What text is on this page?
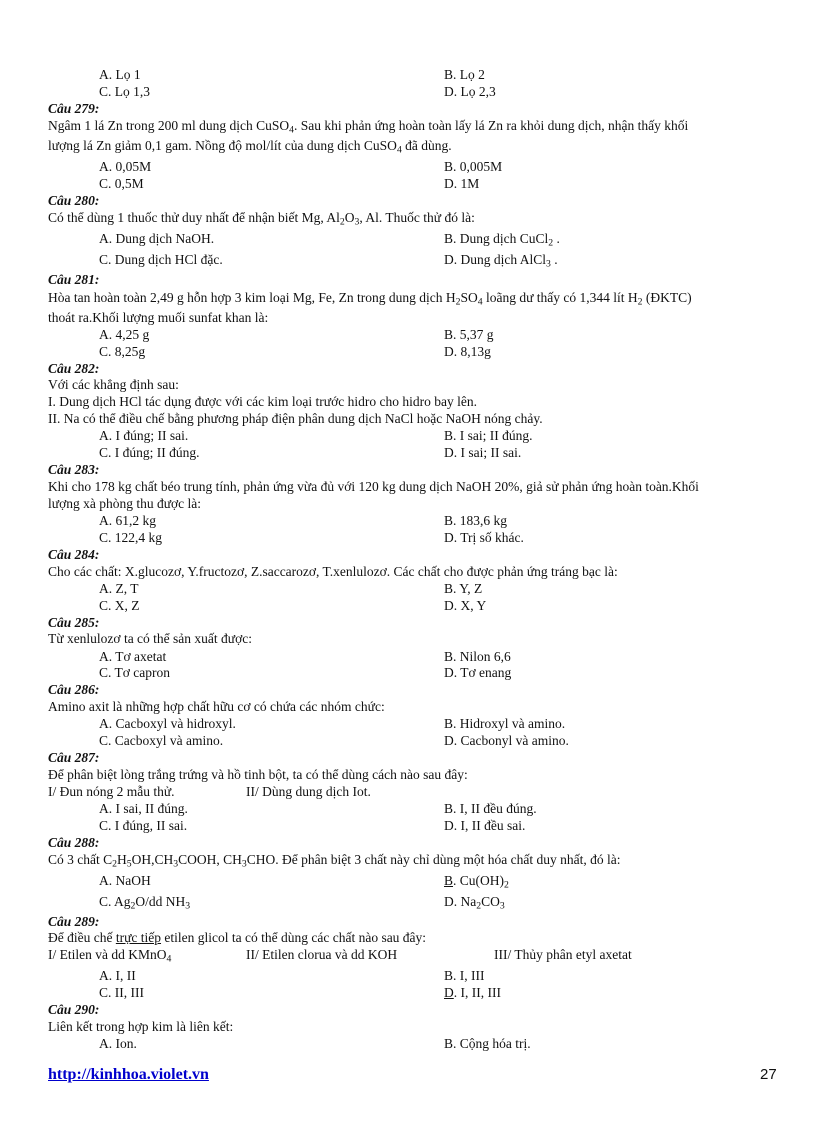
A. Lọ 1	B. Lọ 2
C. Lọ 1,3	D. Lọ 2,3
Câu 279:
Ngâm 1 lá Zn trong 200 ml dung dịch CuSO$_4$. Sau khi phản ứng hoàn toàn lấy lá Zn ra khỏi dung dịch, nhận thấy khối
lượng lá Zn giảm 0,1 gam. Nồng độ mol/lít của dung dịch CuSO$_4$ đã dùng.
A. 0,05M	B. 0,005M
C. 0,5M	D. 1M
Câu 280:
Có thể dùng 1 thuốc thử duy nhất để nhận biết Mg, $Al_2O_3$, Al. Thuốc thử đó là:
A. Dung dịch NaOH.	B. Dung dịch CuCl$_2$ .
C. Dung dịch HCl đặc.	D. Dung dịch AlCl$_3$ .
Câu 281:
Hòa tan hoàn toàn 2,49 g hỗn hợp 3 kim loại Mg, Fe, Zn trong dung dịch $H_2SO_4$ loãng dư thấy có 1,344 lít $H_2$ (ĐKTC)
thoát ra.Khối lượng muối sunfat khan là:
A. 4,25 g	B. 5,37 g
C. 8,25g	D. 8,13g
Câu 282:
Với các khẳng định sau:
I. Dung dịch HCl tác dụng được với các kim loại trước hidro cho hidro bay lên.
II. Na có thể điều chế bằng phương pháp điện phân dung dịch NaCl hoặc NaOH nóng chảy.
A. I đúng; II sai.	B. I sai; II đúng.
C. I đúng; II đúng.	D. I sai; II sai.
Câu 283:
Khi cho 178 kg chất béo trung tính, phản ứng vừa đủ với 120 kg dung dịch NaOH 20%, giả sử phản ứng hoàn toàn.Khối
lượng xà phòng thu được là:
A. 61,2 kg	B. 183,6 kg
C. 122,4 kg	D. Trị số khác.
Câu 284:
Cho các chất: X.glucozơ, Y.fructozơ, Z.saccarozơ, T.xenlulozơ. Các chất cho được phản ứng tráng bạc là:
A. Z, T	B. Y, Z
C. X, Z	D. X, Y
Câu 285:
Từ xenlulozơ ta có thể sản xuất được:
A. Tơ axetat	B. Nilon 6,6
C. Tơ capron	D. Tơ enang
Câu 286:
Amino axit là những hợp chất hữu cơ có chứa các nhóm chức:
A. Cacboxyl và hidroxyl.	B. Hidroxyl và amino.
C. Cacboxyl và amino.	D. Cacbonyl và amino.
Câu 287:
Để phân biệt lòng trắng trứng và hồ tinh bột, ta có thể dùng cách nào sau đây:
I/ Đun nóng 2 mẫu thử.	II/ Dùng dung dịch Iot.
A. I sai, II đúng.	B. I, II đều đúng.
C. I đúng, II sai.	D. I, II đều sai.
Câu 288:
Có 3 chất $C_2H_5OH,CH_3COOH$, $CH_3CHO$. Để phân biệt 3 chất này chỉ dùng một hóa chất duy nhất, đó là:
A. NaOH	B. $Cu(OH)_2$
C. $Ag_2O/dd$ $NH_3$	D. $Na_2CO_3$
Câu 289:
Để điều chế trực tiếp etilen glicol ta có thể dùng các chất nào sau đây:
I/ Etilen và dd KMnO$_4$	II/ Etilen clorua và dd KOH	III/ Thủy phân etyl axetat
A. I, II	B. I, III
C. II, III	D. I, II, III
Câu 290:
Liên kết trong hợp kim là liên kết:
A. Ion.	B. Cộng hóa trị.
http://kinhhoa.violet.vn	27
